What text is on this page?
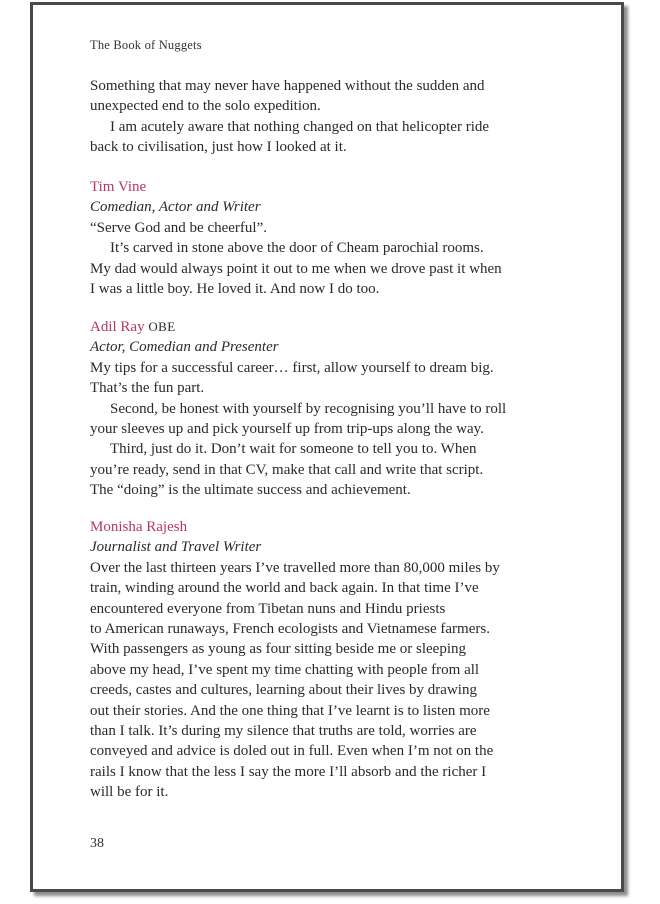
The Book of Nuggets
Something that may never have happened without the sudden and
unexpected end to the solo expedition.
I am acutely aware that nothing changed on that helicopter ride
back to civilisation, just how I looked at it.
Tim Vine
Comedian, Actor and Writer
“Serve God and be cheerful”.
It’s carved in stone above the door of Cheam parochial rooms.
My dad would always point it out to me when we drove past it when
I was a little boy. He loved it. And now I do too.
Adil Ray OBE
Actor, Comedian and Presenter
My tips for a successful career… first, allow yourself to dream big.
That’s the fun part.
Second, be honest with yourself by recognising you’ll have to roll
your sleeves up and pick yourself up from trip-ups along the way.
Third, just do it. Don’t wait for someone to tell you to. When
you’re ready, send in that CV, make that call and write that script.
The “doing” is the ultimate success and achievement.
Monisha Rajesh
Journalist and Travel Writer
Over the last thirteen years I’ve travelled more than 80,000 miles by
train, winding around the world and back again. In that time I’ve
encountered everyone from Tibetan nuns and Hindu priests
to American runaways, French ecologists and Vietnamese farmers.
With passengers as young as four sitting beside me or sleeping
above my head, I’ve spent my time chatting with people from all
creeds, castes and cultures, learning about their lives by drawing
out their stories. And the one thing that I’ve learnt is to listen more
than I talk. It’s during my silence that truths are told, worries are
conveyed and advice is doled out in full. Even when I’m not on the
rails I know that the less I say the more I’ll absorb and the richer I
will be for it.
38
